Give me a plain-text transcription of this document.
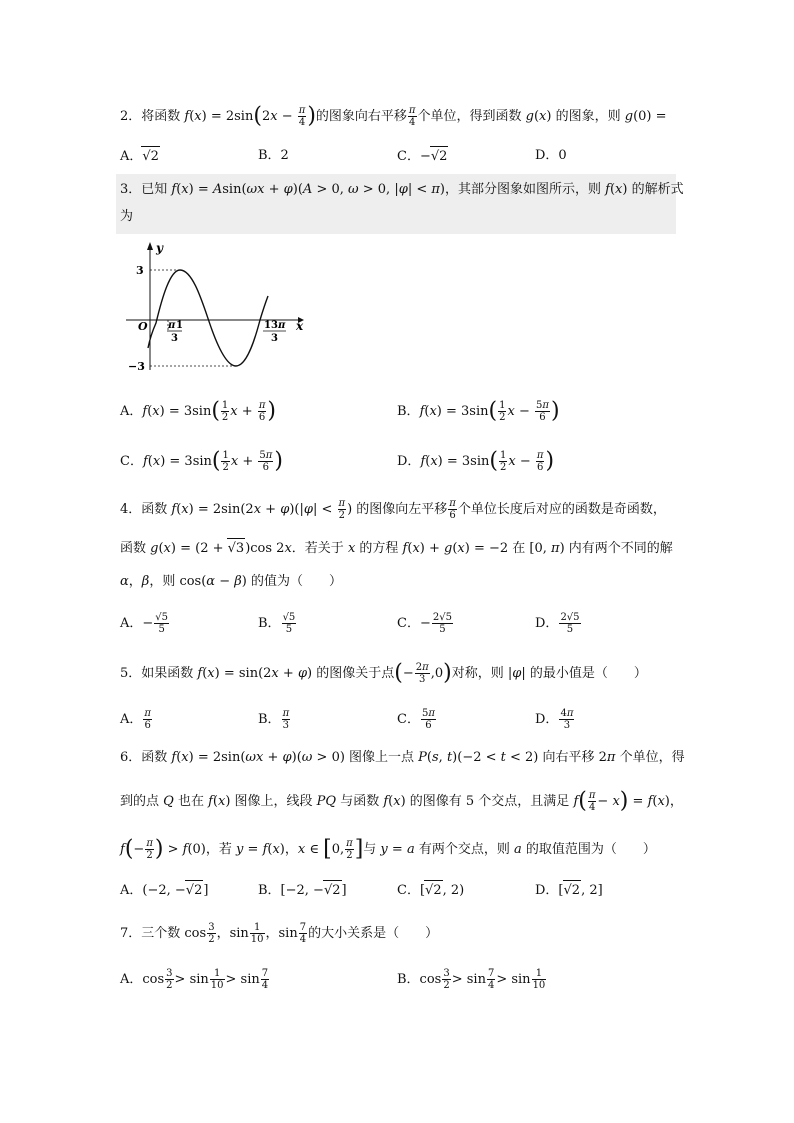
2．将函数 $f(x) = 2\sin(2x - \frac{\pi}{4}$ )的图象向右平移 $\frac{\pi}{4}$ 个单位，得到函数 g(x) 的图象，则 g(0) =
A．√2	B．2	C．−√2	D．0
3．已知 f(x) = Asin(ωx + φ)(A > 0, ω > 0, |φ| < π)，其部分图象如图所示，则 f(x) 的解析式
为
y
x
O
3
−3
π 1
3
13 π
3
A．$f(x) = 3\sin( \frac{1}{2}$ $x + \frac{\pi}{6}$ )	B．$f(x) = 3\sin( \frac{1}{2}$ $x - \frac{5\pi}{6}$ )
C．$f(x) = 3\sin( \frac{1}{2}$ $x + \frac{5\pi}{6}$ )	D．$f(x) = 3\sin( \frac{1}{2}$ $x - \frac{\pi}{6}$ )
4．函数 $f(x) = 2\sin(2x + \varphi)(|\varphi| < \frac{\pi}{2}$ ) 的图像向左平移 $\frac{\pi}{6}$ 个单位长度后对应的函数是奇函数，
函数 g(x) = (2 + √3)cos 2x．若关于 x 的方程 f(x) + g(x) = −2 在 [0, π) 内有两个不同的解
α，β，则 cos(α − β) 的值为（　　）
A．− $\frac{√5}{5}$	B． $\frac{√5}{5}$	C．− $\frac{2√5}{5}$	D． $\frac{2√5}{5}$
5．如果函数 f(x) = sin(2x + φ) 的图像关于点(− $\frac{2\pi}{3} ,0$)对称，则 |φ| 的最小值是（　　）
A． $\frac{\pi}{6}$	B． $\frac{\pi}{3}$	C． $\frac{5\pi}{6}$	D． $\frac{4\pi}{3}$
6．函数 f(x) = 2sin(ωx + φ)(ω > 0) 图像上一点 P(s, t)(−2 < t < 2) 向右平移 2π 个单位，得
到的点 Q 也在 f(x) 图像上，线段 PQ 与函数 f(x) 的图像有 5 个交点，且满足 $f( \frac{\pi}{4} - x) = f(x)$，
$f(- \frac{\pi}{2}$ ) > f(0)，若 y = f(x)，x ∈ [0, $\frac{\pi}{2}$ ]与 y = a 有两个交点，则 a 的取值范围为（　　）
A．(−2, −√2]	B．[−2, −√2]	C．[√2, 2)	D．[√2, 2]
7．三个数 $\cos \frac{3}{2}$ ，$\sin \frac{1}{10}$ ，$\sin \frac{7}{4}$ 的大小关系是（　　）
A．$\cos \frac{3}{2} > \sin \frac{1}{10} > \sin \frac{7}{4}$	B．$\cos \frac{3}{2} > \sin \frac{7}{4} > \sin \frac{1}{10}$
